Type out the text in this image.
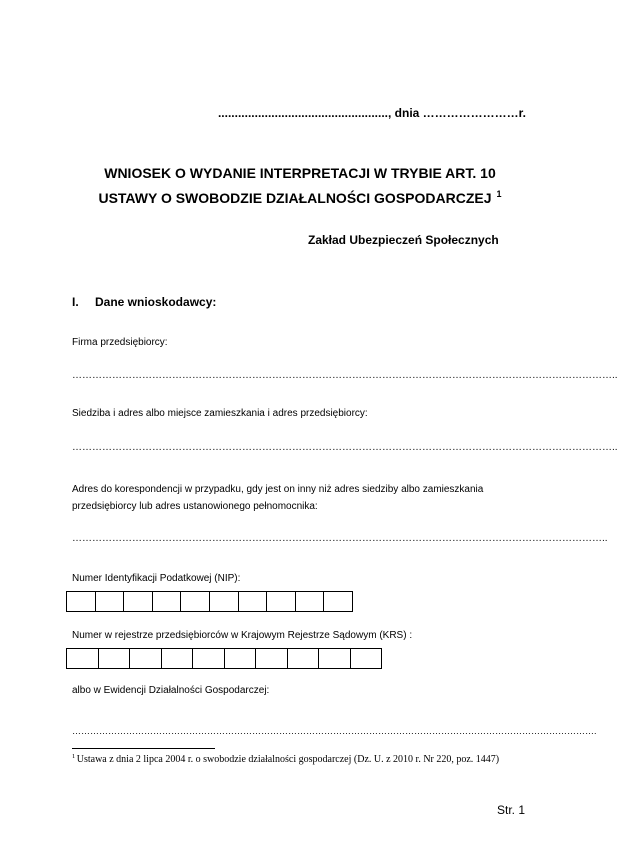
..................................................., dnia ……………………r.
WNIOSEK O WYDANIE INTERPRETACJI W TRYBIE ART. 10
USTAWY O SWOBODZIE DZIAŁALNOŚCI GOSPODARCZEJ $^1$
Zakład Ubezpieczeń Społecznych
I. Dane wnioskodawcy:
Firma przedsiębiorcy:
………………………………………………………………………………………………………………………………………………..
Siedziba i adres albo miejsce zamieszkania i adres przedsiębiorcy:
………………………………………………………………………………………………………………………………………………..
Adres do korespondencji w przypadku, gdy jest on inny niż adres siedziby albo zamieszkania
przedsiębiorcy lub adres ustanowionego pełnomocnika:
……………………………………………………………………………………………………………………………………………..
Numer Identyfikacji Podatkowej (NIP):
Numer w rejestrze przedsiębiorców w Krajowym Rejestrze Sądowym (KRS) :
albo w Ewidencji Działalności Gospodarczej:
………………………………………………………………………………………………………………………………………………………….
$^1$ Ustawa z dnia 2 lipca 2004 r. o swobodzie działalności gospodarczej (Dz. U. z 2010 r. Nr 220, poz. 1447)
Str. 1
